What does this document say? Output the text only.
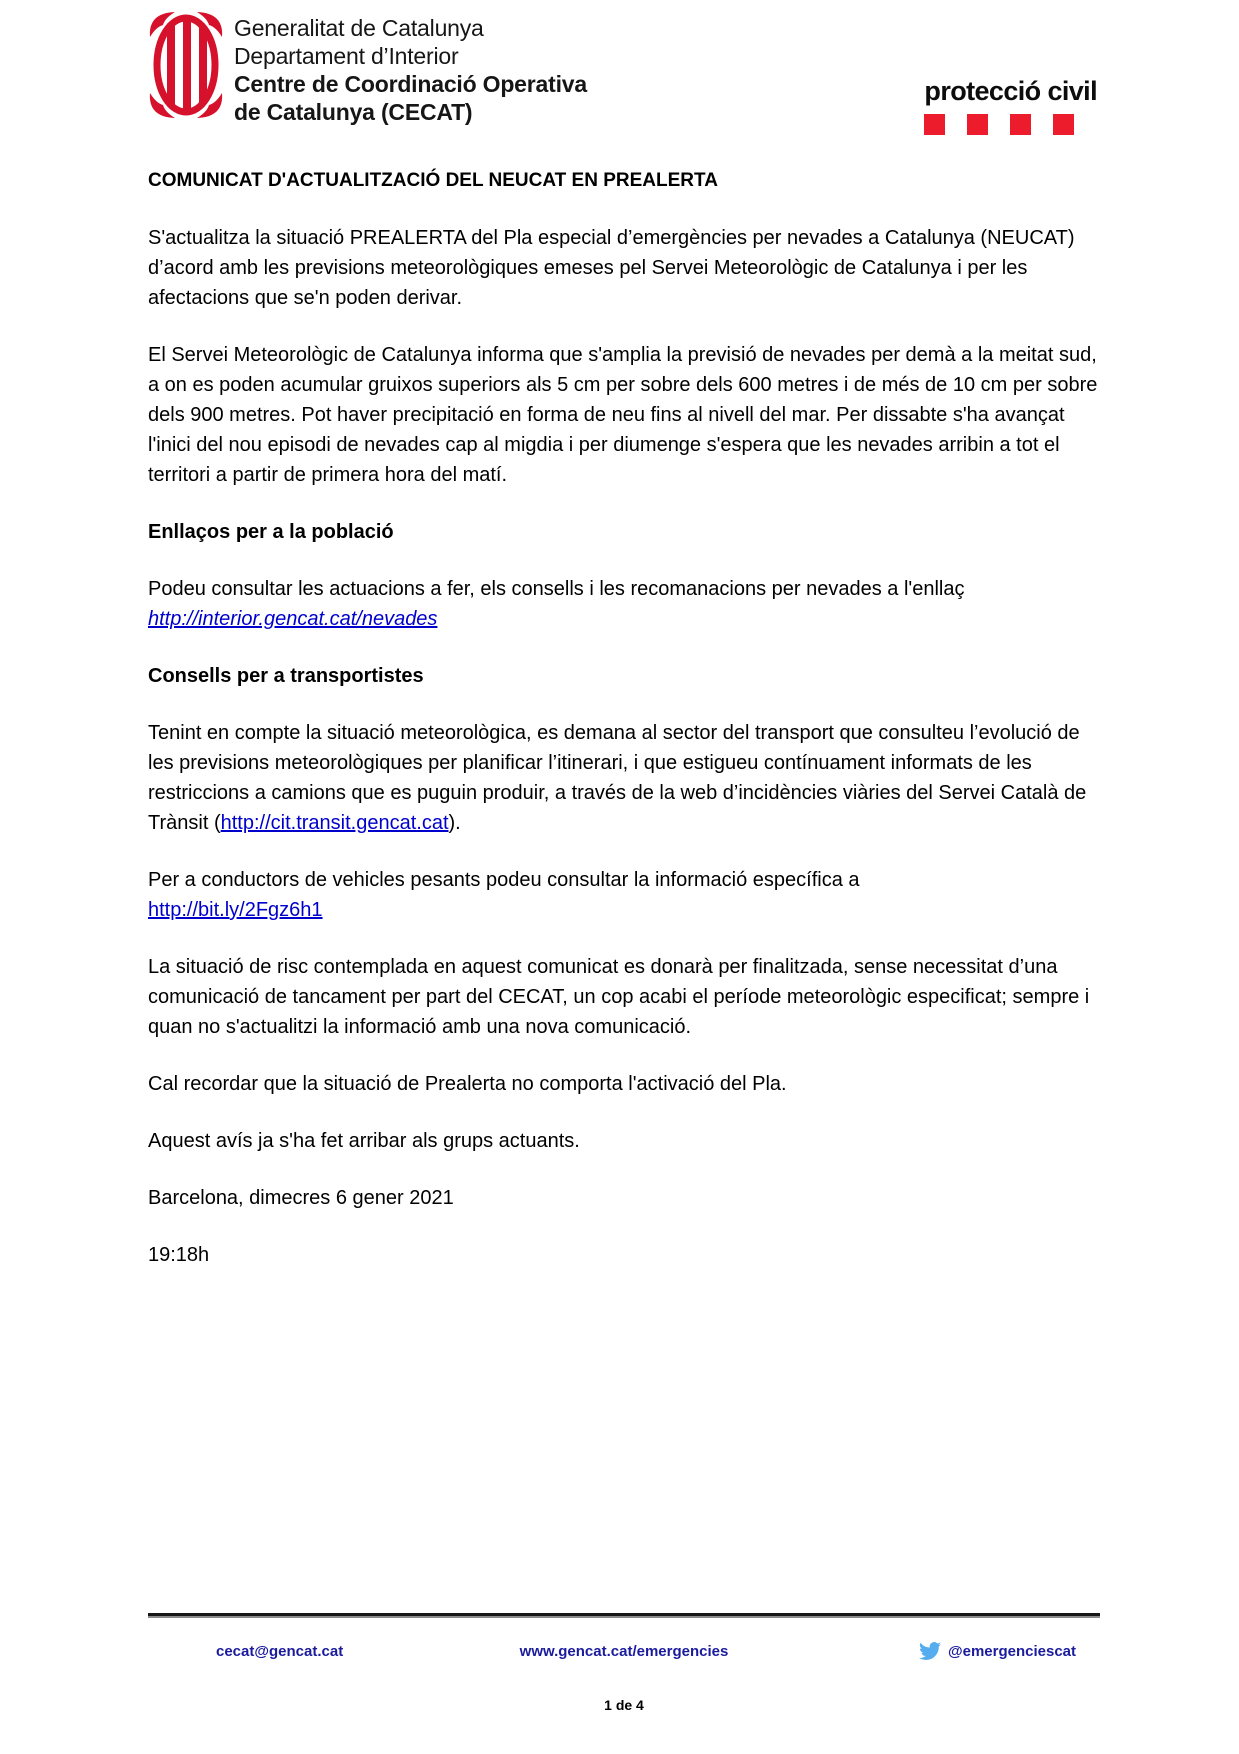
Generalitat de Catalunya
Departament d’Interior
Centre de Coordinació Operativa
de Catalunya (CECAT)
protecció civil
COMUNICAT D'ACTUALITZACIÓ DEL NEUCAT EN PREALERTA

S'actualitza la situació PREALERTA del Pla especial d’emergències per nevades a Catalunya (NEUCAT) d’acord amb les previsions meteorològiques emeses pel Servei Meteorològic de Catalunya i per les afectacions que se'n poden derivar.

El Servei Meteorològic de Catalunya informa que s'amplia la previsió de nevades per demà a la meitat sud, a on es poden acumular gruixos superiors als 5 cm per sobre dels 600 metres i de més de 10 cm per sobre dels 900 metres. Pot haver precipitació en forma de neu fins al nivell del mar. Per dissabte s'ha avançat l'inici del nou episodi de nevades cap al migdia i per diumenge s'espera que les nevades arribin a tot el territori a partir de primera hora del matí.

Enllaços per a la població

Podeu consultar les actuacions a fer, els consells i les recomanacions per nevades a l'enllaç
http://interior.gencat.cat/nevades

Consells per a transportistes

Tenint en compte la situació meteorològica, es demana al sector del transport que consulteu l’evolució de les previsions meteorològiques per planificar l’itinerari, i que estigueu contínuament informats de les restriccions a camions que es puguin produir, a través de la web d’incidències viàries del Servei Català de Trànsit (http://cit.transit.gencat.cat).

Per a conductors de vehicles pesants podeu consultar la informació específica a
http://bit.ly/2Fgz6h1

La situació de risc contemplada en aquest comunicat es donarà per finalitzada, sense necessitat d’una comunicació de tancament per part del CECAT, un cop acabi el període meteorològic especificat; sempre i quan no s'actualitzi la informació amb una nova comunicació.

Cal recordar que la situació de Prealerta no comporta l'activació del Pla.

Aquest avís ja s'ha fet arribar als grups actuants.

Barcelona, dimecres 6 gener 2021

19:18h

cecat@gencat.cat	www.gencat.cat/emergencies	@emergenciescat
1 de 4
